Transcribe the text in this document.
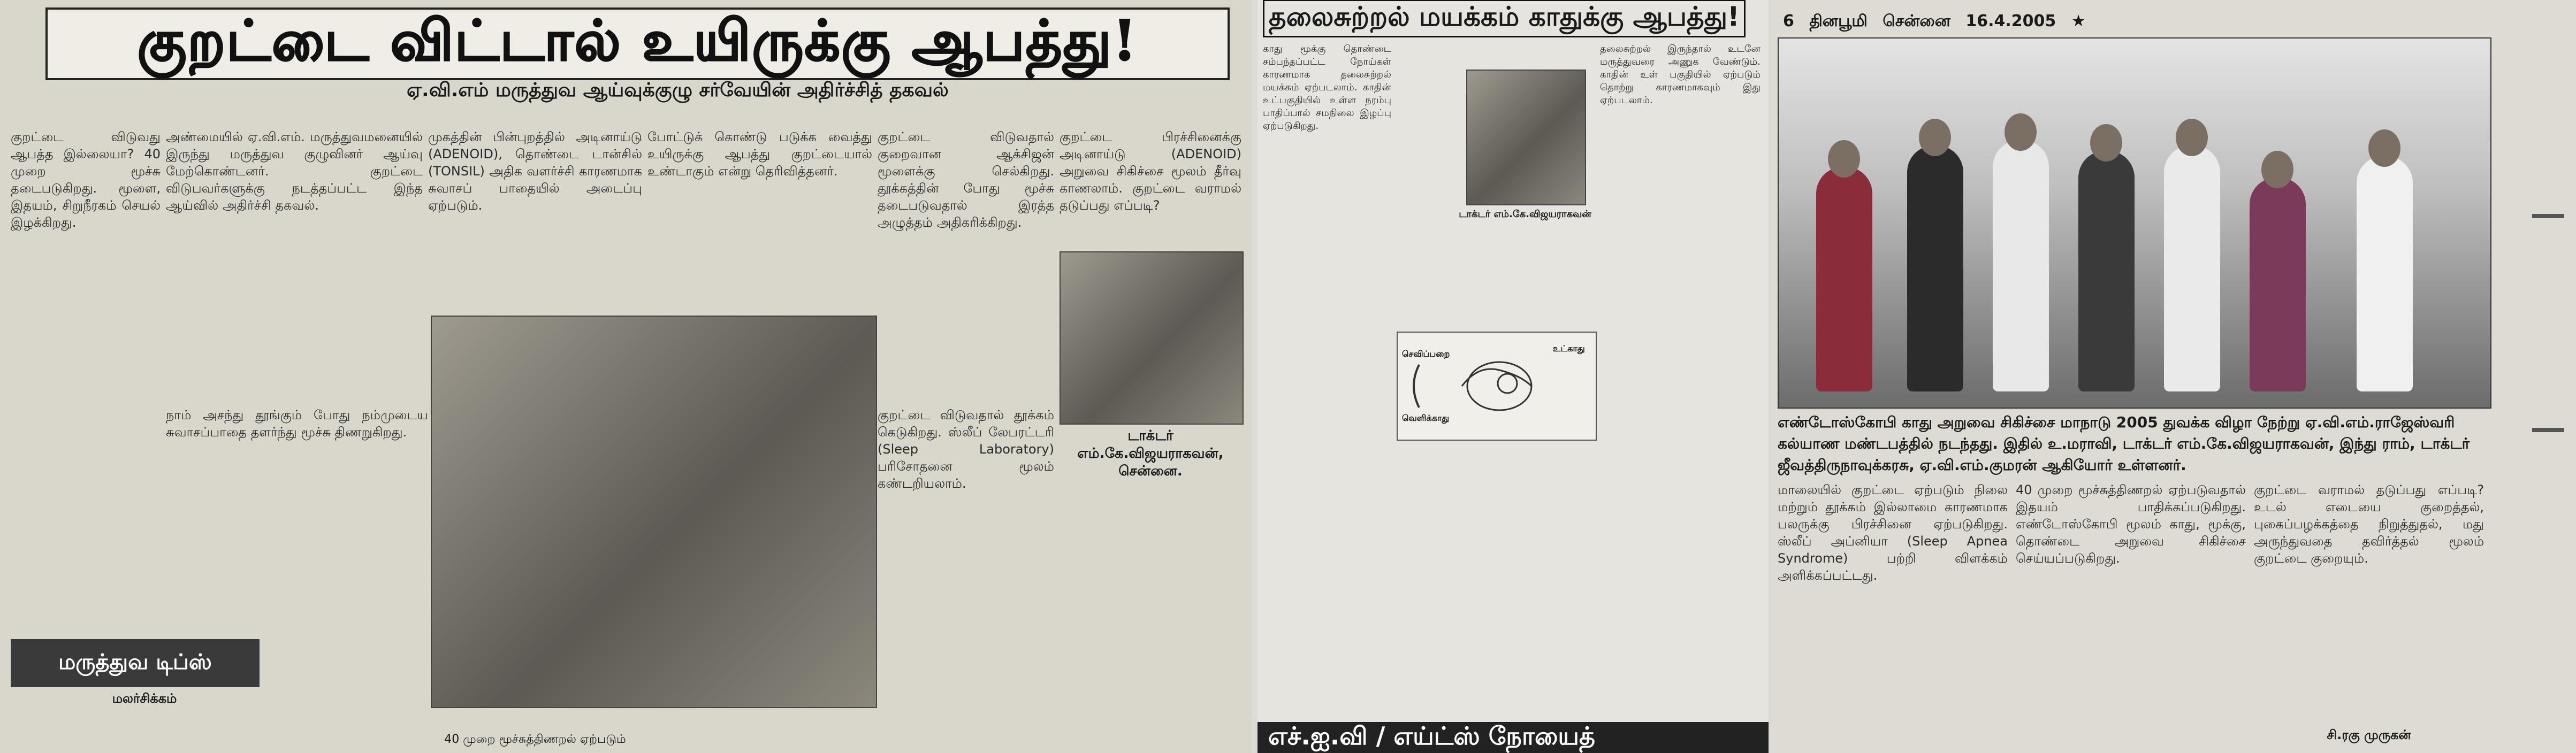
குறட்டை விட்டால் உயிருக்கு ஆபத்து!
ஏ.வி.எம் மருத்துவ ஆய்வுக்குழு சர்வேயின் அதிர்ச்சித் தகவல்
குறட்டை விடுவது ஆபத்த இல்லையா? 40 முறை மூச்சு தடைபடுகிறது. மூளை, இதயம், சிறுநீரகம் செயல் இழக்கிறது.
அண்மையில் ஏ.வி.எம். மருத்துவமனையில் இருந்து மருத்துவ குழுவினர் ஆய்வு மேற்கொண்டனர். குறட்டை விடுபவர்களுக்கு நடத்தப்பட்ட இந்த ஆய்வில் அதிர்ச்சி தகவல்.
முகத்தின் பின்புறத்தில் அடினாய்டு (ADENOID), தொண்டை டான்சில் (TONSIL) அதிக வளர்ச்சி காரணமாக சுவாசப் பாதையில் அடைப்பு ஏற்படும்.
போட்டுக் கொண்டு படுக்க வைத்து உயிருக்கு ஆபத்து குறட்டையால் உண்டாகும் என்று தெரிவித்தனர்.
நாம் அசந்து தூங்கும் போது நம்முடைய சுவாசப்பாதை தளர்ந்து மூச்சு திணறுகிறது.
குறட்டை விடுவதால் குறைவான ஆக்சிஜன் மூளைக்கு செல்கிறது. தூக்கத்தின் போது மூச்சு தடைபடுவதால் இரத்த அழுத்தம் அதிகரிக்கிறது.
குறட்டை விடுவதால் தூக்கம் கெடுகிறது. ஸ்லீப் லேபரட்டரி (Sleep Laboratory) பரிசோதனை மூலம் கண்டறியலாம்.
குறட்டை பிரச்சினைக்கு அடினாய்டு (ADENOID) அறுவை சிகிச்சை மூலம் தீர்வு காணலாம். குறட்டை வராமல் தடுப்பது எப்படி?
டாக்டர் எம்.கே.விஜயராகவன், சென்னை.
மருத்துவ டிப்ஸ்
மலர்சிக்கம்
40 முறை மூச்சுத்திணறல் ஏற்படும்
தலைசுற்றல் மயக்கம் காதுக்கு ஆபத்து!
காது மூக்கு தொண்டை சம்பந்தப்பட்ட நோய்கள் காரணமாக தலைசுற்றல் மயக்கம் ஏற்படலாம். காதின் உட்பகுதியில் உள்ள நரம்பு பாதிப்பால் சமநிலை இழப்பு ஏற்படுகிறது.
டாக்டர் எம்.கே.விஜயராகவன்
தலைசுற்றல் இருந்தால் உடனே மருத்துவரை அணுக வேண்டும். காதின் உள் பகுதியில் ஏற்படும் தொற்று காரணமாகவும் இது ஏற்படலாம்.
செவிப்பறை
வெளிக்காது
உட்காது
எச்.ஐ.வி / எய்ட்ஸ் நோயைத்
6 தினபூமி சென்னை 16.4.2005 ★
எண்டோஸ்கோபி காது அறுவை சிகிச்சை மாநாடு 2005 துவக்க விழா நேற்று ஏ.வி.எம்.ராஜேஸ்வரி கல்யாண மண்டபத்தில் நடந்தது. இதில் உ.மராவி, டாக்டர் எம்.கே.விஜயராகவன், இந்து ராம், டாக்டர் ஜீவத்திருநாவுக்கரசு, ஏ.வி.எம்.குமரன் ஆகியோர் உள்ளனர்.
மாலையில் குறட்டை ஏற்படும் நிலை மற்றும் தூக்கம் இல்லாமை காரணமாக பலருக்கு பிரச்சினை ஏற்படுகிறது. ஸ்லீப் அப்னியா (Sleep Apnea Syndrome) பற்றி விளக்கம் அளிக்கப்பட்டது.
40 முறை மூச்சுத்திணறல் ஏற்படுவதால் இதயம் பாதிக்கப்படுகிறது. எண்டோஸ்கோபி மூலம் காது, மூக்கு, தொண்டை அறுவை சிகிச்சை செய்யப்படுகிறது.
குறட்டை வராமல் தடுப்பது எப்படி? உடல் எடையை குறைத்தல், புகைப்பழக்கத்தை நிறுத்துதல், மது அருந்துவதை தவிர்த்தல் மூலம் குறட்டை குறையும்.
சி.ரகு முருகன்
